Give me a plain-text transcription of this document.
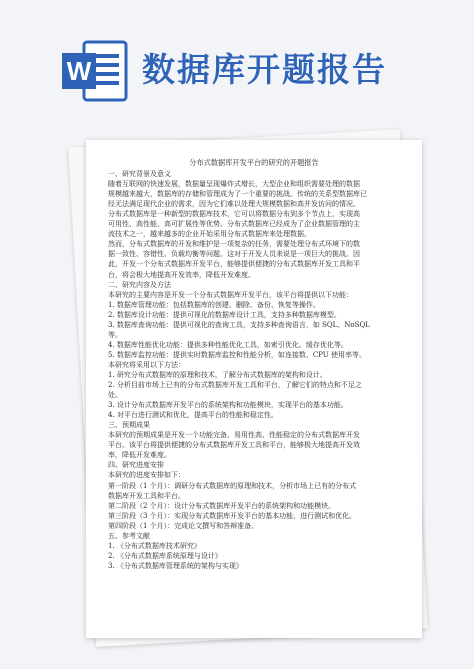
W 数据库开题报告
分布式数据库开发平台的研究的开题报告
一、研究背景及意义
随着互联网的快速发展，数据量呈现爆炸式增长，大型企业和组织需要处理的数据
规模越来越大，数据库的存储和管理成为了一个重要的挑战。传统的关系型数据库已
经无法满足现代企业的需求，因为它们难以处理大规模数据和高并发访问的情况。
分布式数据库是一种新型的数据库技术，它可以将数据分布到多个节点上，实现高
可用性、高性能、高可扩展性等优势。分布式数据库已经成为了企业数据管理的主
流技术之一，越来越多的企业开始采用分布式数据库来处理数据。
然而，分布式数据库的开发和维护是一项复杂的任务，需要处理分布式环境下的数
据一致性、容错性、负载均衡等问题。这对于开发人员来说是一项巨大的挑战。因
此，开发一个分布式数据库开发平台，能够提供便捷的分布式数据库开发工具和平
台，将会极大地提高开发效率，降低开发难度。
二、研究内容及方法
本研究的主要内容是开发一个分布式数据库开发平台，该平台将提供以下功能：
1. 数据库管理功能：包括数据库的创建、删除、备份、恢复等操作。
2. 数据库设计功能：提供可视化的数据库设计工具，支持多种数据库模型。
3. 数据库查询功能：提供可视化的查询工具，支持多种查询语言，如 SQL、NoSQL
等。
4. 数据库性能优化功能：提供多种性能优化工具，如索引优化、缓存优化等。
5. 数据库监控功能：提供实时数据库监控和性能分析，如连接数、CPU 使用率等。
本研究将采用以下方法：
1. 研究分布式数据库的原理和技术，了解分布式数据库的架构和设计。
2. 分析目前市场上已有的分布式数据库开发工具和平台，了解它们的特点和不足之
处。
3. 设计分布式数据库开发平台的系统架构和功能模块，实现平台的基本功能。
4. 对平台进行测试和优化，提高平台的性能和稳定性。
三、预期成果
本研究的预期成果是开发一个功能完备、易用性高、性能稳定的分布式数据库开发
平台。该平台将提供便捷的分布式数据库开发工具和平台，能够极大地提高开发效
率，降低开发难度。
四、研究进度安排
本研究的进度安排如下：
第一阶段（1 个月）：调研分布式数据库的原理和技术，分析市场上已有的分布式
数据库开发工具和平台。
第二阶段（2 个月）：设计分布式数据库开发平台的系统架构和功能模块。
第三阶段（3 个月）：实现分布式数据库开发平台的基本功能，进行测试和优化。
第四阶段（1 个月）：完成论文撰写和答辩准备。
五、参考文献
1. 《分布式数据库技术研究》
2. 《分布式数据库系统原理与设计》
3. 《分布式数据库管理系统的架构与实现》
